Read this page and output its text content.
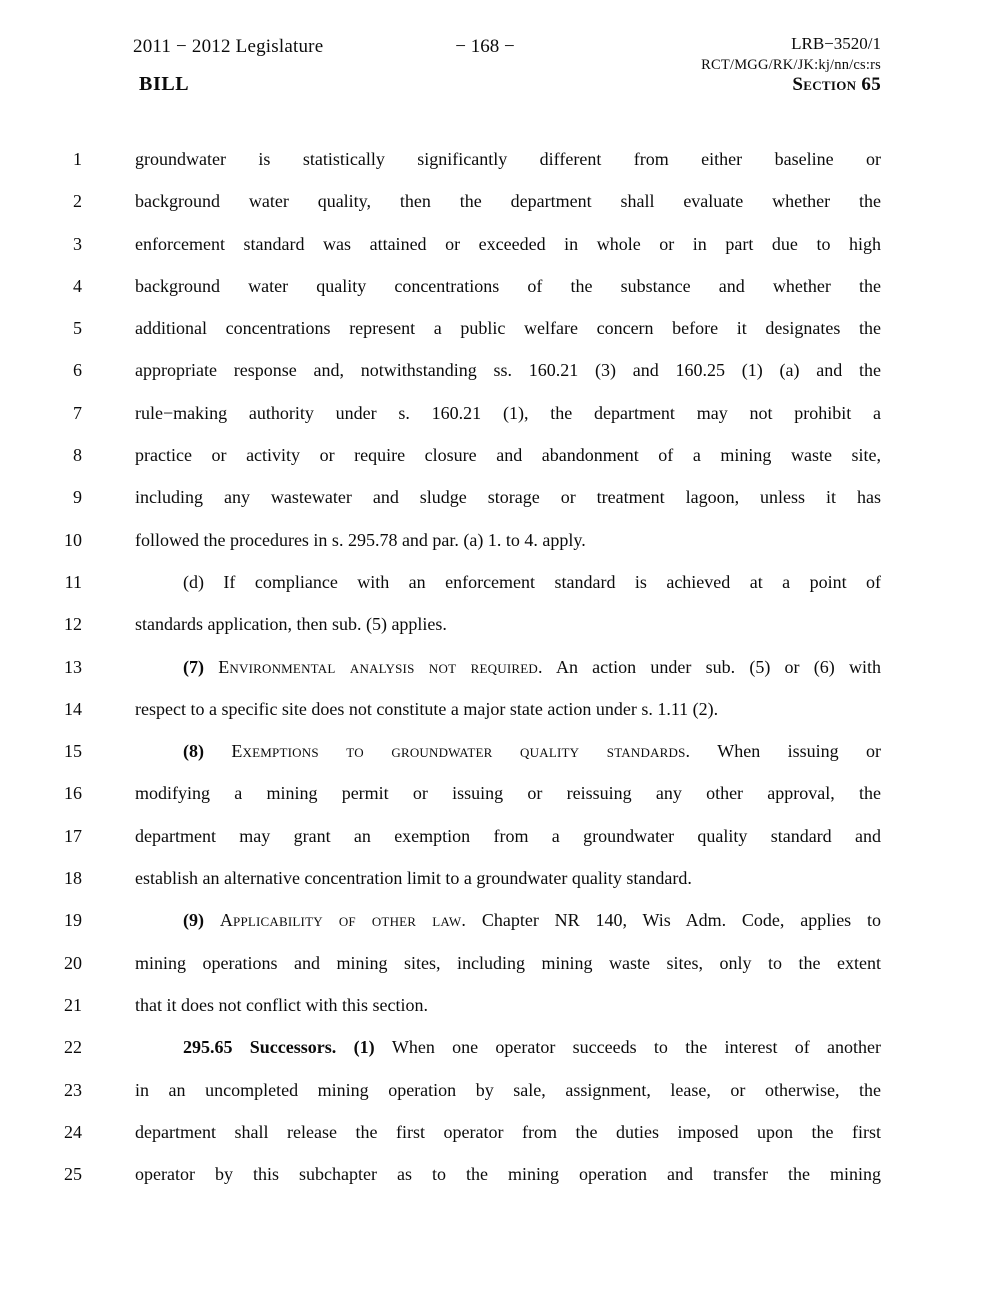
2011 − 2012 Legislature	− 168 −	LRB−3520/1
RCT/MGG/RK/JK:kj/nn/cs:rs
BILL	Section 65
1	groundwater is statistically significantly different from either baseline or
2	background water quality, then the department shall evaluate whether the
3	enforcement standard was attained or exceeded in whole or in part due to high
4	background water quality concentrations of the substance and whether the
5	additional concentrations represent a public welfare concern before it designates the
6	appropriate response and, notwithstanding ss. 160.21 (3) and 160.25 (1) (a) and the
7	rule−making authority under s. 160.21 (1), the department may not prohibit a
8	practice or activity or require closure and abandonment of a mining waste site,
9	including any wastewater and sludge storage or treatment lagoon, unless it has
10	followed the procedures in s. 295.78 and par. (a) 1. to 4. apply.
11	(d) If compliance with an enforcement standard is achieved at a point of
12	standards application, then sub. (5) applies.
13	(7) Environmental analysis not required. An action under sub. (5) or (6) with
14	respect to a specific site does not constitute a major state action under s. 1.11 (2).
15	(8) Exemptions to groundwater quality standards. When issuing or
16	modifying a mining permit or issuing or reissuing any other approval, the
17	department may grant an exemption from a groundwater quality standard and
18	establish an alternative concentration limit to a groundwater quality standard.
19	(9) Applicability of other law. Chapter NR 140, Wis Adm. Code, applies to
20	mining operations and mining sites, including mining waste sites, only to the extent
21	that it does not conflict with this section.
22	295.65 Successors. (1) When one operator succeeds to the interest of another
23	in an uncompleted mining operation by sale, assignment, lease, or otherwise, the
24	department shall release the first operator from the duties imposed upon the first
25	operator by this subchapter as to the mining operation and transfer the mining
